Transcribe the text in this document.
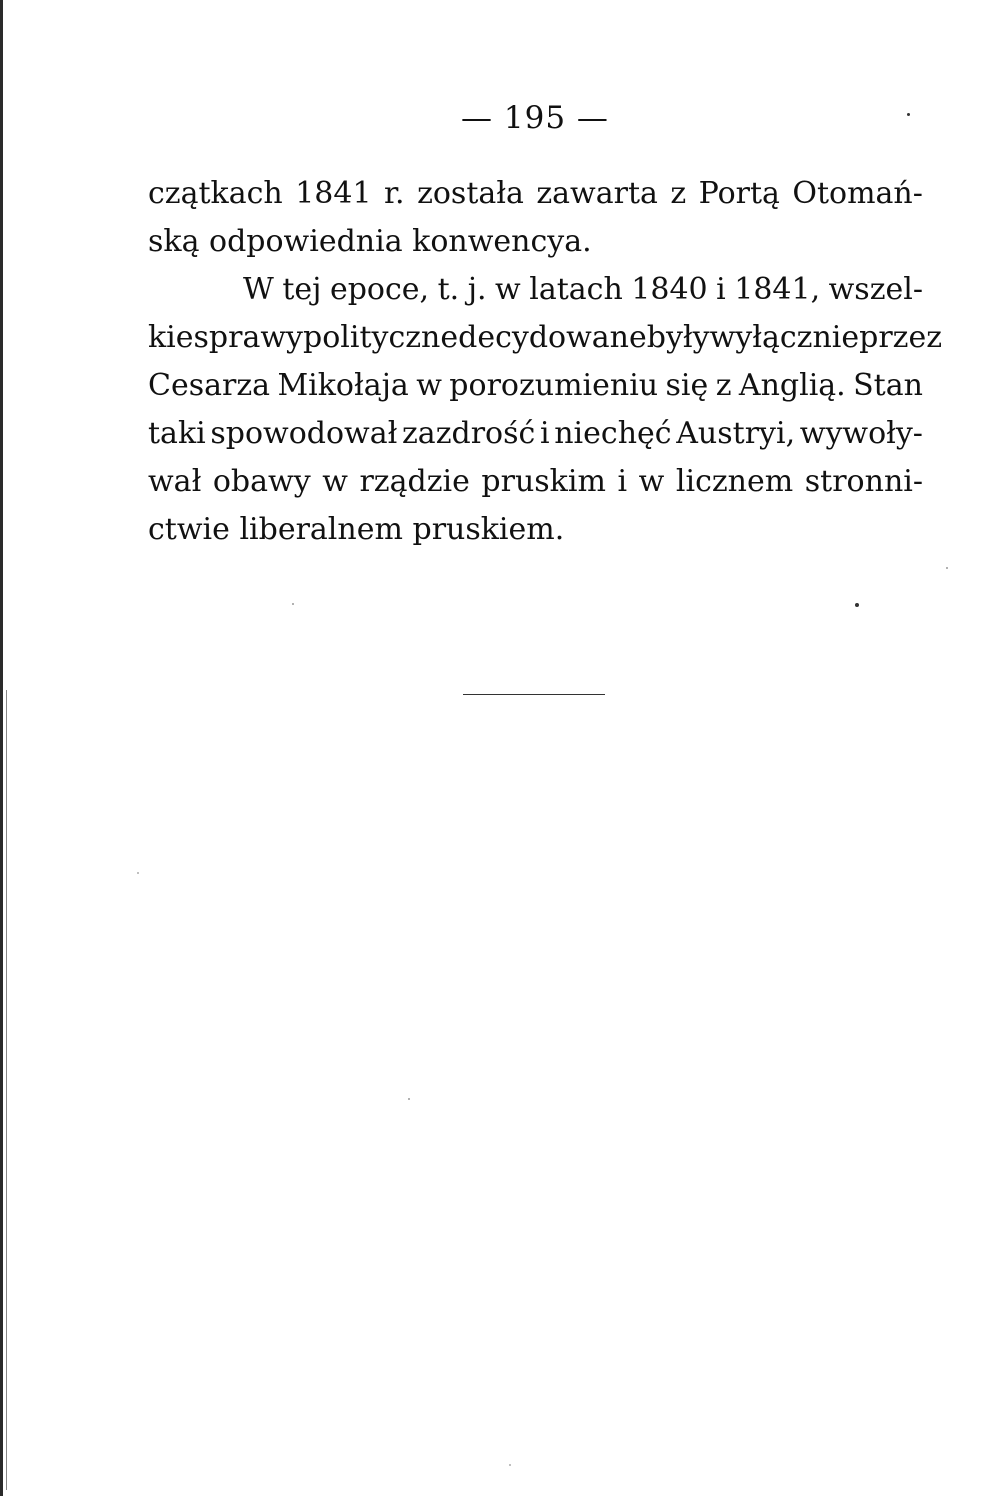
— 195 —
czątkach 1841 r. została zawarta z Portą Otomań-
ską
odpowiednia
konwencya.
W tej epoce, t. j. w latach 1840 i 1841, wszel-
kie sprawy polityczne decydowane były wyłącznie przez
Cesarza Mikołaja w porozumieniu się z Anglią. Stan
taki spowodował zazdrość i niechęć Austryi, wywoły-
wał obawy w rządzie pruskim i w licznem stronni-
ctwie
liberalnem
pruskiem.
